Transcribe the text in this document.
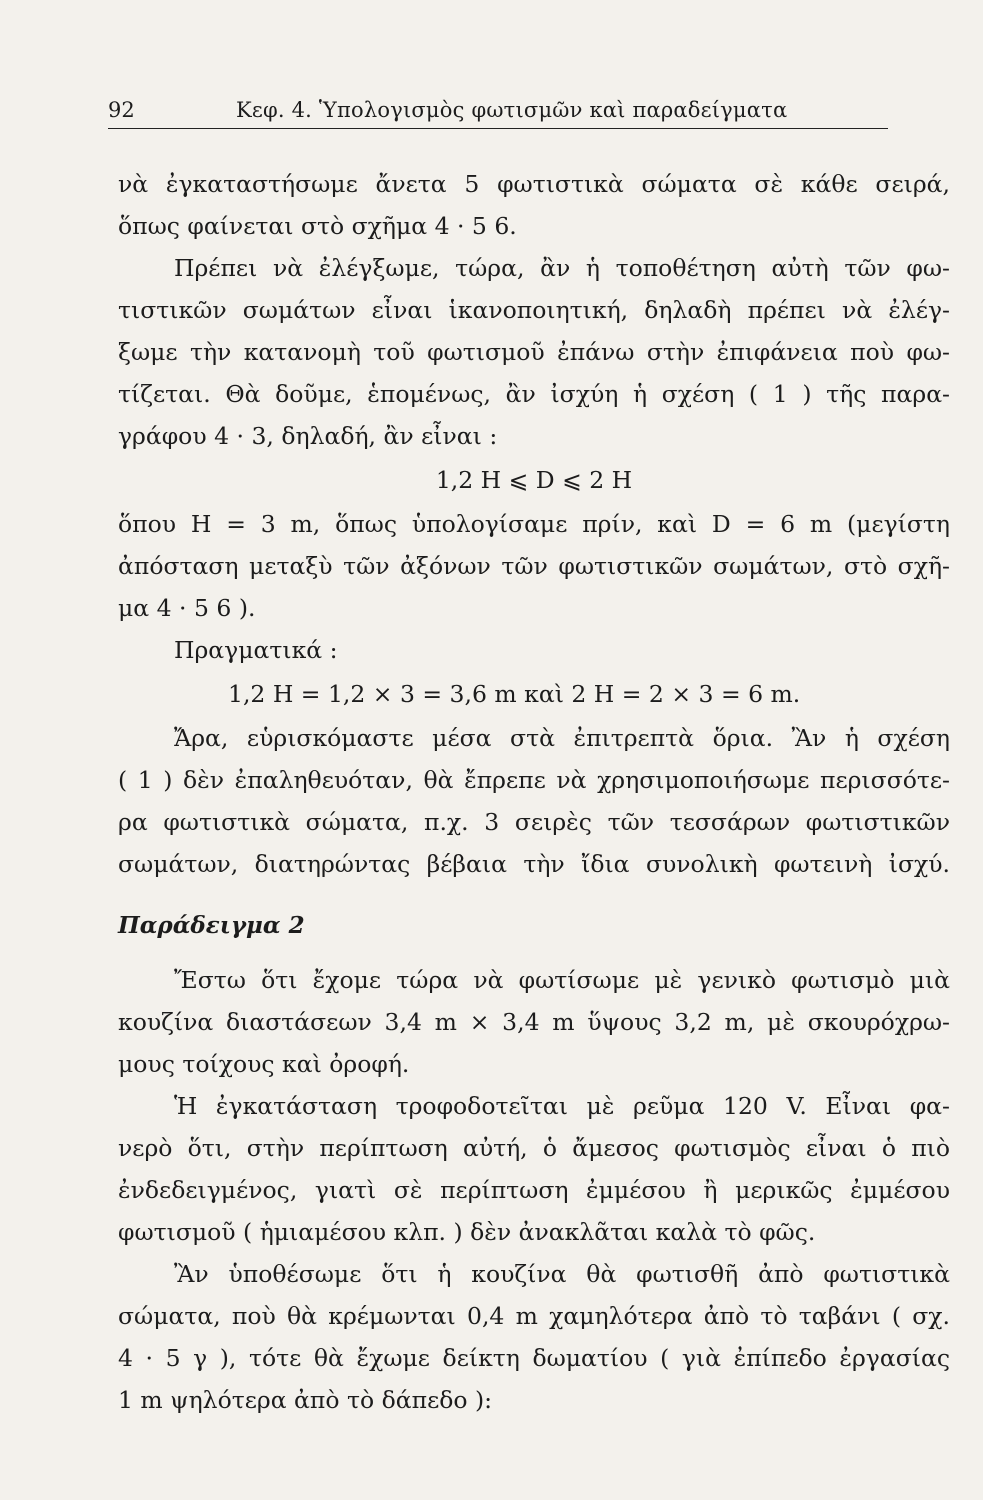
92	Κεφ. 4. Ὑπολογισμὸς φωτισμῶν καὶ παραδείγματα
νὰ ἐγκαταστήσωμε ἄνετα 5 φωτιστικὰ σώματα σὲ κάθε σειρά,
ὅπως φαίνεται στὸ σχῆμα 4 · 5 6.
Πρέπει νὰ ἐλέγξωμε, τώρα, ἂν ἡ τοποθέτηση αὐτὴ τῶν φω-
τιστικῶν σωμάτων εἶναι ἱκανοποιητική, δηλαδὴ πρέπει νὰ ἐλέγ-
ξωμε τὴν κατανομὴ τοῦ φωτισμοῦ ἐπάνω στὴν ἐπιφάνεια ποὺ φω-
τίζεται. Θὰ δοῦμε, ἑπομένως, ἂν ἰσχύη ἡ σχέση ( 1 ) τῆς παρα-
γράφου 4 · 3, δηλαδή, ἂν εἶναι :
1,2 H ⩽ D ⩽ 2 H
ὅπου H = 3 m, ὅπως ὑπολογίσαμε πρίν, καὶ D = 6 m (μεγίστη
ἀπόσταση μεταξὺ τῶν ἀξόνων τῶν φωτιστικῶν σωμάτων, στὸ σχῆ-
μα 4 · 5 6 ).
Πραγματικά :
1,2 H = 1,2 × 3 = 3,6 m καὶ 2 H = 2 × 3 = 6 m.
Ἄρα, εὑρισκόμαστε μέσα στὰ ἐπιτρεπτὰ ὅρια. Ἂν ἡ σχέση
( 1 ) δὲν ἐπαληθευόταν, θὰ ἔπρεπε νὰ χρησιμοποιήσωμε περισσότε-
ρα φωτιστικὰ σώματα, π.χ. 3 σειρὲς τῶν τεσσάρων φωτιστικῶν
σωμάτων, διατηρώντας βέβαια τὴν ἴδια συνολικὴ φωτεινὴ ἰσχύ.
Παράδειγμα 2
Ἔστω ὅτι ἔχομε τώρα νὰ φωτίσωμε μὲ γενικὸ φωτισμὸ μιὰ
κουζίνα διαστάσεων 3,4 m × 3,4 m ὕψους 3,2 m, μὲ σκουρόχρω-
μους τοίχους καὶ ὀροφή.
Ἡ ἐγκατάσταση τροφοδοτεῖται μὲ ρεῦμα 120 V. Εἶναι φα-
νερὸ ὅτι, στὴν περίπτωση αὐτή, ὁ ἄμεσος φωτισμὸς εἶναι ὁ πιὸ
ἐνδεδειγμένος, γιατὶ σὲ περίπτωση ἐμμέσου ἢ μερικῶς ἐμμέσου
φωτισμοῦ ( ἡμιαμέσου κλπ. ) δὲν ἀνακλᾶται καλὰ τὸ φῶς.
Ἂν ὑποθέσωμε ὅτι ἡ κουζίνα θὰ φωτισθῆ ἀπὸ φωτιστικὰ
σώματα, ποὺ θὰ κρέμωνται 0,4 m χαμηλότερα ἀπὸ τὸ ταβάνι ( σχ.
4 · 5 γ ), τότε θὰ ἔχωμε δείκτη δωματίου ( γιὰ ἐπίπεδο ἐργασίας
1 m ψηλότερα ἀπὸ τὸ δάπεδο ):
